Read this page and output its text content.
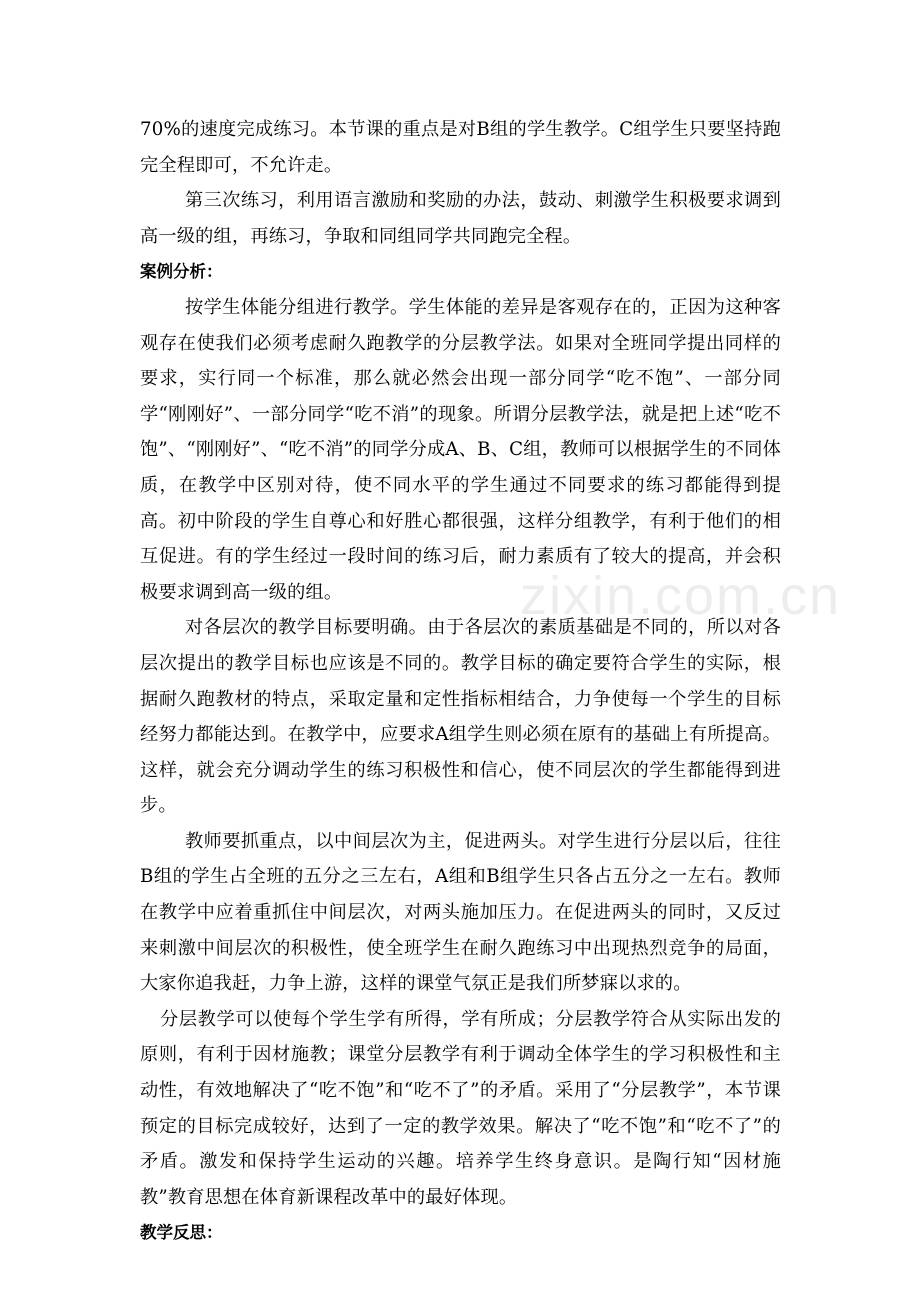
zixin.com.cn

70%的速度完成练习。本节课的重点是对B组的学生教学。C组学生只要坚持跑完全程即可，不允许走。

第三次练习，利用语言激励和奖励的办法，鼓动、刺激学生积极要求调到高一级的组，再练习，争取和同组同学共同跑完全程。

案例分析：

按学生体能分组进行教学。学生体能的差异是客观存在的，正因为这种客观存在使我们必须考虑耐久跑教学的分层教学法。如果对全班同学提出同样的要求，实行同一个标准，那么就必然会出现一部分同学“吃不饱”、一部分同学“刚刚好”、一部分同学“吃不消”的现象。所谓分层教学法，就是把上述“吃不饱”、“刚刚好”、“吃不消”的同学分成A、B、C组，教师可以根据学生的不同体质，在教学中区别对待，使不同水平的学生通过不同要求的练习都能得到提高。初中阶段的学生自尊心和好胜心都很强，这样分组教学，有利于他们的相互促进。有的学生经过一段时间的练习后，耐力素质有了较大的提高，并会积极要求调到高一级的组。

对各层次的教学目标要明确。由于各层次的素质基础是不同的，所以对各层次提出的教学目标也应该是不同的。教学目标的确定要符合学生的实际，根据耐久跑教材的特点，采取定量和定性指标相结合，力争使每一个学生的目标经努力都能达到。在教学中，应要求A组学生则必须在原有的基础上有所提高。这样，就会充分调动学生的练习积极性和信心，使不同层次的学生都能得到进步。

教师要抓重点，以中间层次为主，促进两头。对学生进行分层以后，往往B组的学生占全班的五分之三左右，A组和B组学生只各占五分之一左右。教师在教学中应着重抓住中间层次，对两头施加压力。在促进两头的同时，又反过来刺激中间层次的积极性，使全班学生在耐久跑练习中出现热烈竞争的局面，大家你追我赶，力争上游，这样的课堂气氛正是我们所梦寐以求的。

分层教学可以使每个学生学有所得，学有所成；分层教学符合从实际出发的原则，有利于因材施教；课堂分层教学有利于调动全体学生的学习积极性和主动性，有效地解决了“吃不饱”和“吃不了”的矛盾。采用了“分层教学”，本节课预定的目标完成较好，达到了一定的教学效果。解决了“吃不饱”和“吃不了”的矛盾。激发和保持学生运动的兴趣。培养学生终身意识。是陶行知“因材施教”教育思想在体育新课程改革中的最好体现。

教学反思：
